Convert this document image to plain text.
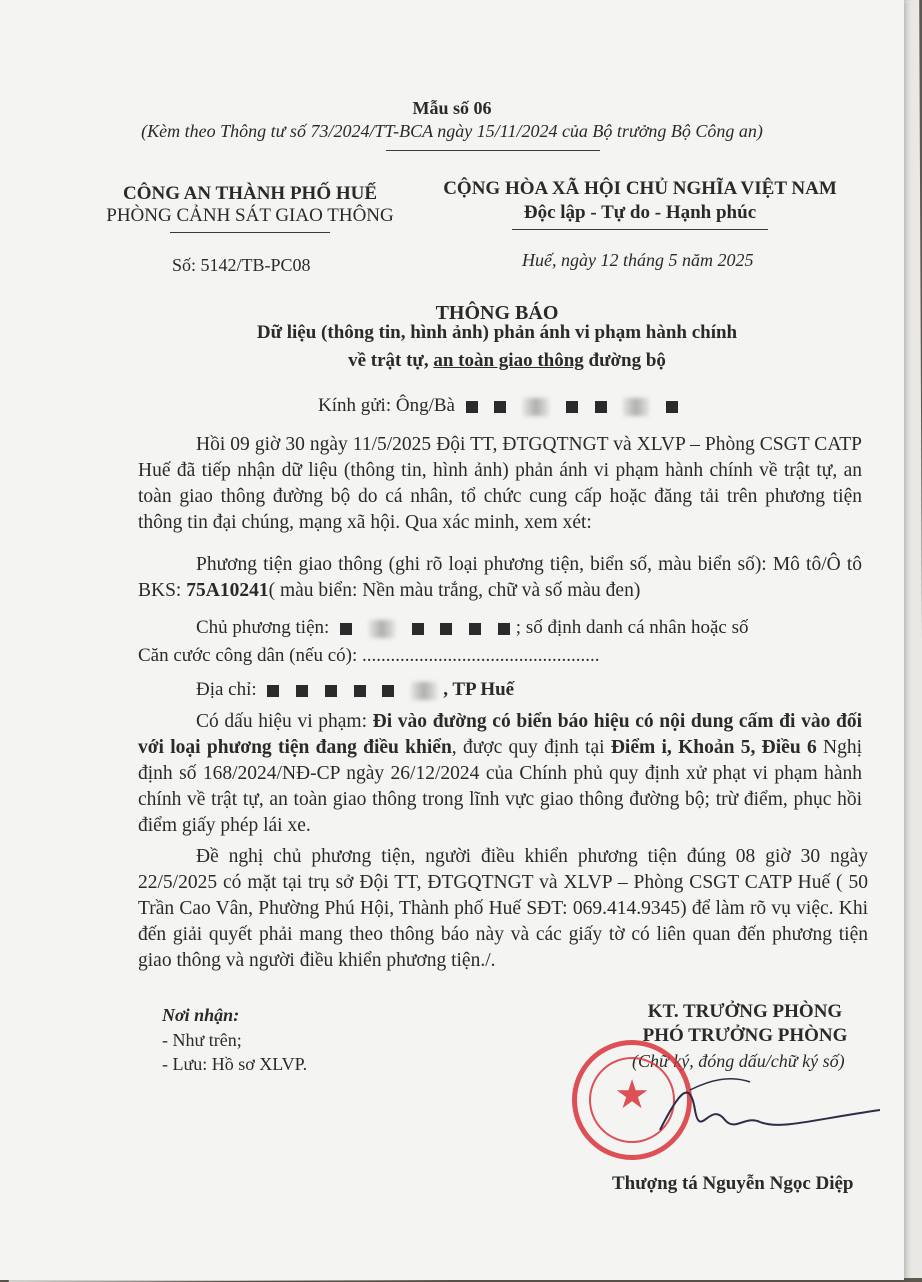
Mẫu số 06
(Kèm theo Thông tư số 73/2024/TT-BCA ngày 15/11/2024 của Bộ trưởng Bộ Công an)
CÔNG AN THÀNH PHỐ HUẾ
PHÒNG CẢNH SÁT GIAO THÔNG
CỘNG HÒA XÃ HỘI CHỦ NGHĨA VIỆT NAM
Độc lập - Tự do - Hạnh phúc
Số: 5142/TB-PC08	Huế, ngày 12 tháng 5 năm 2025
THÔNG BÁO
Dữ liệu (thông tin, hình ảnh) phản ánh vi phạm hành chính
về trật tự, an toàn giao thông đường bộ
Kính gửi: Ông/Bà
Hồi 09 giờ 30 ngày 11/5/2025 Đội TT, ĐTGQTNGT và XLVP – Phòng CSGT CATP Huế đã tiếp nhận dữ liệu (thông tin, hình ảnh) phản ánh vi phạm hành chính về trật tự, an toàn giao thông đường bộ do cá nhân, tổ chức cung cấp hoặc đăng tải trên phương tiện thông tin đại chúng, mạng xã hội. Qua xác minh, xem xét:
Phương tiện giao thông (ghi rõ loại phương tiện, biển số, màu biển số): Mô tô/Ô tô BKS: 75A10241( màu biển: Nền màu trắng, chữ và số màu đen)
Chủ phương tiện:	; số định danh cá nhân hoặc số
Căn cước công dân (nếu có): ..................................................
Địa chỉ:	, TP Huế
Có dấu hiệu vi phạm: Đi vào đường có biển báo hiệu có nội dung cấm đi vào đối với loại phương tiện đang điều khiển, được quy định tại Điểm i, Khoản 5, Điều 6 Nghị định số 168/2024/NĐ-CP ngày 26/12/2024 của Chính phủ quy định xử phạt vi phạm hành chính về trật tự, an toàn giao thông trong lĩnh vực giao thông đường bộ; trừ điểm, phục hồi điểm giấy phép lái xe.
Đề nghị chủ phương tiện, người điều khiển phương tiện đúng 08 giờ 30 ngày 22/5/2025 có mặt tại trụ sở Đội TT, ĐTGQTNGT và XLVP – Phòng CSGT CATP Huế ( 50 Trần Cao Vân, Phường Phú Hội, Thành phố Huế SĐT: 069.414.9345) để làm rõ vụ việc. Khi đến giải quyết phải mang theo thông báo này và các giấy tờ có liên quan đến phương tiện giao thông và người điều khiển phương tiện./.
Nơi nhận:
- Như trên;
- Lưu: Hồ sơ XLVP.
KT. TRƯỞNG PHÒNG
PHÓ TRƯỞNG PHÒNG
(Chữ ký, đóng dấu/chữ ký số)
★
Thượng tá Nguyễn Ngọc Diệp
